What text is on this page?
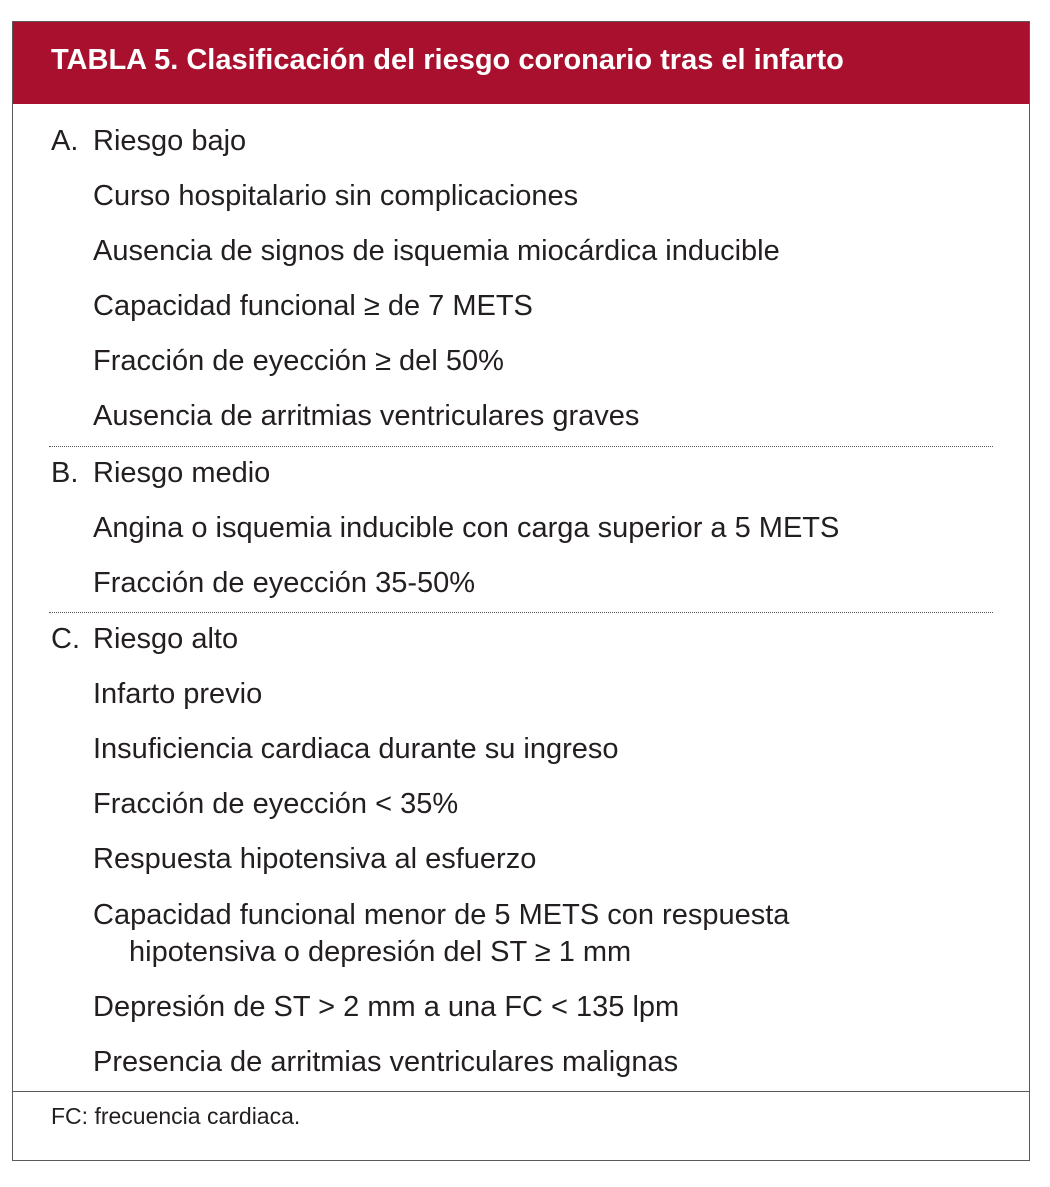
TABLA 5. Clasificación del riesgo coronario tras el infarto
A. Riesgo bajo
Curso hospitalario sin complicaciones
Ausencia de signos de isquemia miocárdica inducible
Capacidad funcional ≥ de 7 METS
Fracción de eyección ≥ del 50%
Ausencia de arritmias ventriculares graves
B. Riesgo medio
Angina o isquemia inducible con carga superior a 5 METS
Fracción de eyección 35-50%
C. Riesgo alto
Infarto previo
Insuficiencia cardiaca durante su ingreso
Fracción de eyección < 35%
Respuesta hipotensiva al esfuerzo
Capacidad funcional menor de 5 METS con respuesta
hipotensiva o depresión del ST ≥ 1 mm
Depresión de ST > 2 mm a una FC < 135 lpm
Presencia de arritmias ventriculares malignas
FC: frecuencia cardiaca.
